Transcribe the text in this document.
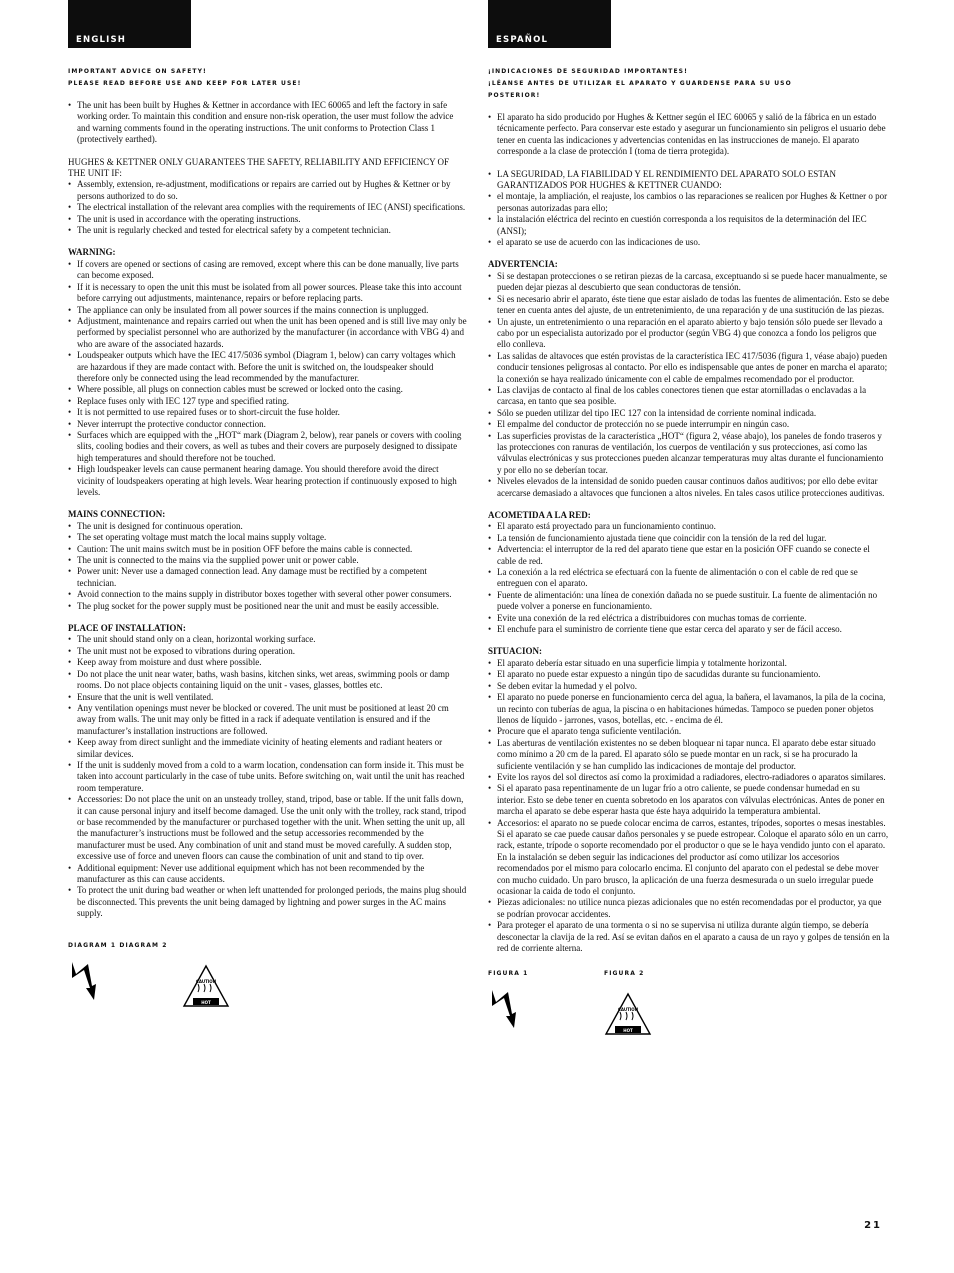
ENGLISH
IMPORTANT ADVICE ON SAFETY!
PLEASE READ BEFORE USE AND KEEP FOR LATER USE!
• The unit has been built by Hughes & Kettner in accordance with IEC 60065 and left the factory in safe working order. To maintain this condition and ensure non-risk operation, the user must follow the advice and warning comments found in the operating instructions. The unit conforms to Protection Class 1 (protectively earthed).

HUGHES & KETTNER ONLY GUARANTEES THE SAFETY, RELIABILITY AND EFFICIENCY OF THE UNIT IF:

• Assembly, extension, re-adjustment, modifications or repairs are carried out by Hughes & Kettner or by persons authorized to do so.
• The electrical installation of the relevant area complies with the requirements of IEC (ANSI) specifications.
• The unit is used in accordance with the operating instructions.
• The unit is regularly checked and tested for electrical safety by a competent technician.
WARNING:
• If covers are opened or sections of casing are removed, except where this can be done manually, live parts can become exposed.
• If it is necessary to open the unit this must be isolated from all power sources. Please take this into account before carrying out adjustments, maintenance, repairs or before replacing parts.
• The appliance can only be insulated from all power sources if the mains connection is unplugged.
• Adjustment, maintenance and repairs carried out when the unit has been opened and is still live may only be performed by specialist personnel who are authorized by the manufacturer (in accordance with VBG 4) and who are aware of the associated hazards.
• Loudspeaker outputs which have the IEC 417/5036 symbol (Diagram 1, below) can carry voltages which are hazardous if they are made contact with. Before the unit is switched on, the loudspeaker should therefore only be connected using the lead recommended by the manufacturer.
• Where possible, all plugs on connection cables must be screwed or locked onto the casing.
• Replace fuses only with IEC 127 type and specified rating.
• It is not permitted to use repaired fuses or to short-circuit the fuse holder.
• Never interrupt the protective conductor connection.
• Surfaces which are equipped with the „HOT“ mark (Diagram 2, below), rear panels or covers with cooling slits, cooling bodies and their covers, as well as tubes and their covers are purposely designed to dissipate high temperatures and should therefore not be touched.
• High loudspeaker levels can cause permanent hearing damage. You should therefore avoid the direct vicinity of loudspeakers operating at high levels. Wear hearing protection if continuously exposed to high levels.
MAINS CONNECTION:
• The unit is designed for continuous operation.
• The set operating voltage must match the local mains supply voltage.
• Caution: The unit mains switch must be in position OFF before the mains cable is connected.
• The unit is connected to the mains via the supplied power unit or power cable.
• Power unit: Never use a damaged connection lead. Any damage must be rectified by a competent technician.
• Avoid connection to the mains supply in distributor boxes together with several other power consumers.
• The plug socket for the power supply must be positioned near the unit and must be easily accessible.
PLACE OF INSTALLATION:
• The unit should stand only on a clean, horizontal working surface.
• The unit must not be exposed to vibrations during operation.
• Keep away from moisture and dust where possible.
• Do not place the unit near water, baths, wash basins, kitchen sinks, wet areas, swimming pools or damp rooms. Do not place objects containing liquid on the unit - vases, glasses, bottles etc.
• Ensure that the unit is well ventilated.
• Any ventilation openings must never be blocked or covered. The unit must be positioned at least 20 cm away from walls. The unit may only be fitted in a rack if adequate ventilation is ensured and if the manufacturer’s installation instructions are followed.
• Keep away from direct sunlight and the immediate vicinity of heating elements and radiant heaters or similar devices.
• If the unit is suddenly moved from a cold to a warm location, condensation can form inside it. This must be taken into account particularly in the case of tube units. Before switching on, wait until the unit has reached room temperature.
• Accessories: Do not place the unit on an unsteady trolley, stand, tripod, base or table. If the unit falls down, it can cause personal injury and itself become damaged. Use the unit only with the trolley, rack stand, tripod or base recommended by the manufacturer or purchased together with the unit. When setting the unit up, all the manufacturer’s instructions must be followed and the setup accessories recommended by the manufacturer must be used. Any combination of unit and stand must be moved carefully. A sudden stop, excessive use of force and uneven floors can cause the combination of unit and stand to tip over.
• Additional equipment: Never use additional equipment which has not been recommended by the manufacturer as this can cause accidents.
• To protect the unit during bad weather or when left unattended for prolonged periods, the mains plug should be disconnected. This prevents the unit being damaged by lightning and power surges in the AC mains supply.
DIAGRAM 1 DIAGRAM 2
CAUTION
HOT
ESPAÑOL
¡INDICACIONES DE SEGURIDAD IMPORTANTES!
¡LÉANSE ANTES DE UTILIZAR EL APARATO Y GUARDENSE PARA SU USO
POSTERIOR!
• El aparato ha sido producido por Hughes & Kettner según el IEC 60065 y salió de la fábrica en un estado técnicamente perfecto. Para conservar este estado y asegurar un funcionamiento sin peligros el usuario debe tener en cuenta las indicaciones y advertencias contenidas en las instrucciones de manejo. El aparato corresponde a la clase de protección I (toma de tierra protegida).
• LA SEGURIDAD, LA FIABILIDAD Y EL RENDIMIENTO DEL APARATO SOLO ESTAN GARANTIZADOS POR HUGHES & KETTNER CUANDO:
• el montaje, la ampliación, el reajuste, los cambios o las reparaciones se realicen por Hughes & Kettner o por personas autorizadas para ello;
• la instalación eléctrica del recinto en cuestión corresponda a los requisitos de la determinación del IEC (ANSI);
• el aparato se use de acuerdo con las indicaciones de uso.
ADVERTENCIA:
• Si se destapan protecciones o se retiran piezas de la carcasa, exceptuando si se puede hacer manualmente, se pueden dejar piezas al descubierto que sean conductoras de tensión.
• Si es necesario abrir el aparato, éste tiene que estar aislado de todas las fuentes de alimentación. Esto se debe tener en cuenta antes del ajuste, de un entretenimiento, de una reparación y de una sustitución de las piezas.
• Un ajuste, un entretenimiento o una reparación en el aparato abierto y bajo tensión sólo puede ser llevado a cabo por un especialista autorizado por el productor (según VBG 4) que conozca a fondo los peligros que ello conlleva.
• Las salidas de altavoces que estén provistas de la característica IEC 417/5036 (figura 1, véase abajo) pueden conducir tensiones peligrosas al contacto. Por ello es indispensable que antes de poner en marcha el aparato; la conexión se haya realizado únicamente con el cable de empalmes recomendado por el productor.
• Las clavijas de contacto al final de los cables conectores tienen que estar atornilladas o enclavadas a la carcasa, en tanto que sea posible.
• Sólo se pueden utilizar del tipo IEC 127 con la intensidad de corriente nominal indicada.
• El empalme del conductor de protección no se puede interrumpir en ningún caso.
• Las superficies provistas de la característica „HOT“ (figura 2, véase abajo), los paneles de fondo traseros y las protecciones con ranuras de ventilación, los cuerpos de ventilación y sus protecciones, así como las válvulas electrónicas y sus protecciones pueden alcanzar temperaturas muy altas durante el funcionamiento y por ello no se deberían tocar.
• Niveles elevados de la intensidad de sonido pueden causar continuos daños auditivos; por ello debe evitar acercarse demasiado a altavoces que funcionen a altos niveles. En tales casos utilice protecciones auditivas.
ACOMETIDA A LA RED:
• El aparato está proyectado para un funcionamiento continuo.
• La tensión de funcionamiento ajustada tiene que coincidir con la tensión de la red del lugar.
• Advertencia: el interruptor de la red del aparato tiene que estar en la posición OFF cuando se conecte el cable de red.
• La conexión a la red eléctrica se efectuará con la fuente de alimentación o con el cable de red que se entreguen con el aparato.
• Fuente de alimentación: una línea de conexión dañada no se puede sustituir. La fuente de alimentación no puede volver a ponerse en funcionamiento.
• Evite una conexión de la red eléctrica a distribuidores con muchas tomas de corriente.
• El enchufe para el suministro de corriente tiene que estar cerca del aparato y ser de fácil acceso.
SITUACION:
• El aparato debería estar situado en una superficie limpia y totalmente horizontal.
• El aparato no puede estar expuesto a ningún tipo de sacudidas durante su funcionamiento.
• Se deben evitar la humedad y el polvo.
• El aparato no puede ponerse en funcionamiento cerca del agua, la bañera, el lavamanos, la pila de la cocina, un recinto con tuberías de agua, la piscina o en habitaciones húmedas. Tampoco se pueden poner objetos llenos de líquido - jarrones, vasos, botellas, etc. - encima de él.
• Procure que el aparato tenga suficiente ventilación.
• Las aberturas de ventilación existentes no se deben bloquear ni tapar nunca. El aparato debe estar situado como mínimo a 20 cm de la pared. El aparato sólo se puede montar en un rack, si se ha procurado la suficiente ventilación y se han cumplido las indicaciones de montaje del productor.
• Evite los rayos del sol directos así como la proximidad a radiadores, electro-radiadores o aparatos similares.
• Si el aparato pasa repentinamente de un lugar frío a otro caliente, se puede condensar humedad en su interior. Esto se debe tener en cuenta sobretodo en los aparatos con válvulas electrónicas. Antes de poner en marcha el aparato se debe esperar hasta que éste haya adquirido la temperatura ambiental.
• Accesorios: el aparato no se puede colocar encima de carros, estantes, trípodes, soportes o mesas inestables. Si el aparato se cae puede causar daños personales y se puede estropear. Coloque el aparato sólo en un carro, rack, estante, trípode o soporte recomendado por el productor o que se le haya vendido junto con el aparato. En la instalación se deben seguir las indicaciones del productor así como utilizar los accesorios recomendados por el mismo para colocarlo encima. El conjunto del aparato con el pedestal se debe mover con mucho cuidado. Un paro brusco, la aplicación de una fuerza desmesurada o un suelo irregular puede ocasionar la caida de todo el conjunto.
• Piezas adicionales: no utilice nunca piezas adicionales que no estén recomendadas por el productor, ya que se podrían provocar accidentes.
• Para proteger el aparato de una tormenta o si no se supervisa ni utiliza durante algún tiempo, se debería desconectar la clavija de la red. Así se evitan daños en el aparato a causa de un rayo y golpes de tensión en la red de corriente alterna.
FIGURA 1	FIGURA 2
CAUTION
HOT
21
